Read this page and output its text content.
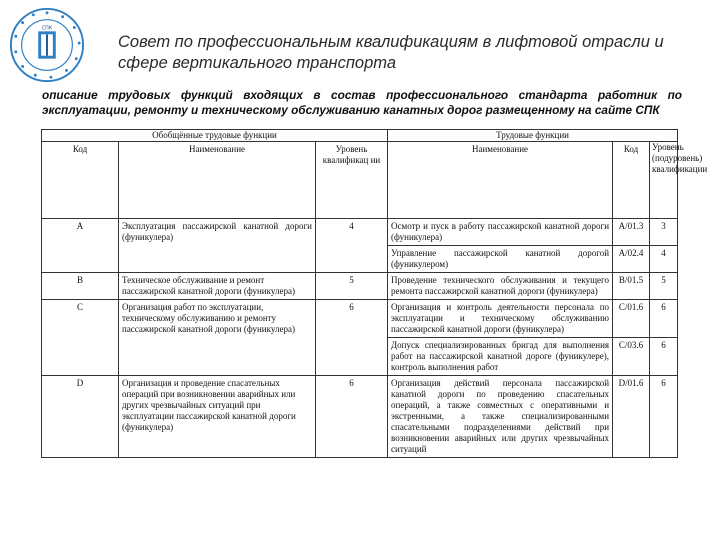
СПК
Совет по профессиональным квалификациям в лифтовой отрасли и сфере вертикального транспорта
описание трудовых функций входящих в состав профессионального стандарта работник по эксплуатации, ремонту и техническому обслуживанию канатных дорог размещенному на сайте СПК
Обобщённые трудовые функции			Трудовые функции		
Код	Наименование	Уровень квалификац ии	Наименование	Код	Уровень (подуровень) квалификации
A	Эксплуатация пассажирской канатной дороги (фуникулера)	4	Осмотр и пуск в работу пассажирской канатной дороги (фуникулера)	A/01.3	3
			Управление пассажирской канатной дорогой (фуникулером)	A/02.4	4
B	Техническое обслуживание и ремонт пассажирской канатной дороги (фуникулера)	5	Проведение технического обслуживания и текущего ремонта пассажирской канатной дороги (фуникулера)	B/01.5	5
C	Организация работ по эксплуатации, техническому обслуживанию и ремонту пассажирской канатной дороги (фуникулера)	6	Организация и контроль деятельности персонала по эксплуатации и техническому обслуживанию пассажирской канатной дороги (фуникулера)	C/01.6	6
			Допуск специализированных бригад для выполнения работ на пассажирской канатной дороге (фуникулере), контроль выполнения работ	C/03.6	6
D	Организация и проведение спасательных операций при возникновении аварийных или других чрезвычайных ситуаций при эксплуатации пассажирской канатной дороги (фуникулера)	6	Организация действий персонала пассажирской канатной дороги по проведению спасательных операций, а также совместных с оперативными и экстренными, а также специализированными спасательными подразделениями действий при возникновении аварийных или других чрезвычайных ситуаций	D/01.6	6
